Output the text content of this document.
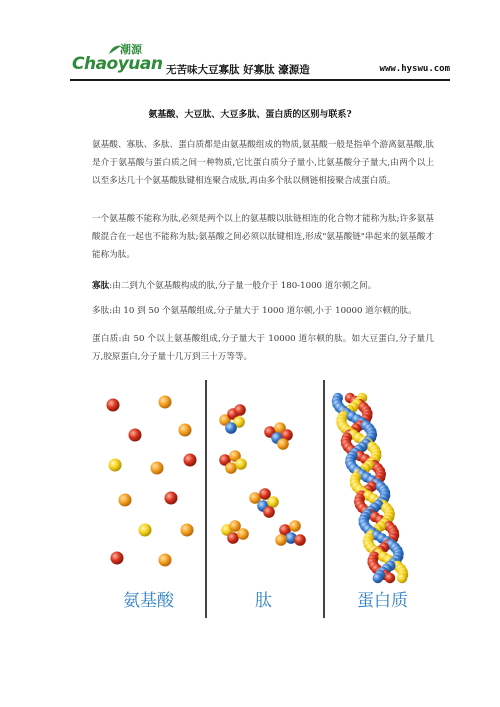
潮源
Chaoyuan 无苦味大豆寡肽 好寡肽 濠源造	www.hyswu.com
氨基酸、大豆肽、大豆多肽、蛋白质的区别与联系?
氨基酸、寡肽、多肽、蛋白质都是由氨基酸组成的物质,氨基酸一般是指单个游离氨基酸,肽是介于氨基酸与蛋白质之间一种物质,它比蛋白质分子量小,比氨基酸分子量大,由两个以上以至多达几十个氨基酸肽键相连聚合成肽,再由多个肽以侧链相接聚合成蛋白质。
一个氨基酸不能称为肽,必须是两个以上的氨基酸以肽链相连的化合物才能称为肽;许多氨基酸混合在一起也不能称为肽;氨基酸之间必须以肽键相连,形成"氨基酸链"串起来的氨基酸才能称为肽。
寡肽:由二到九个氨基酸构成的肽,分子量一般介于 180-1000 道尔顿之间。
多肽:由 10 到 50 个氨基酸组成,分子量大于 1000 道尔顿,小于 10000 道尔顿的肽。
蛋白质:由 50 个以上氨基酸组成,分子量大于 10000 道尔顿的肽。如大豆蛋白,分子量几万,胶原蛋白,分子量十几万到三十万等等。
氨基酸	肽	蛋白质
